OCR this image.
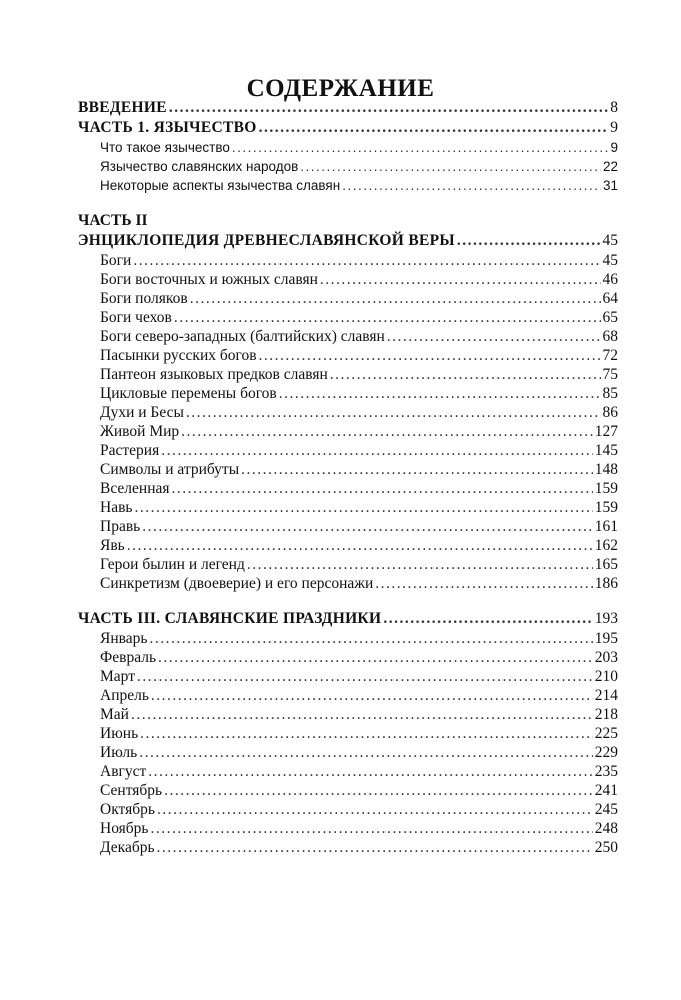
СОДЕРЖАНИЕ
ВВЕДЕНИЕ .....	8
ЧАСТЬ 1. ЯЗЫЧЕСТВО .....	9
Что такое язычество .....	9
Язычество славянских народов .....	22
Некоторые аспекты язычества славян .....	31
ЧАСТЬ II
ЭНЦИКЛОПЕДИЯ ДРЕВНЕСЛАВЯНСКОЙ ВЕРЫ .....	45
Боги .....	45
Боги восточных и южных славян .....	46
Боги поляков .....	64
Боги чехов .....	65
Боги северо-западных (балтийских) славян .....	68
Пасынки русских богов .....	72
Пантеон языковых предков славян .....	75
Цикловые перемены богов .....	85
Духи и Бесы .....	86
Живой Мир .....	127
Растерия .....	145
Символы и атрибуты .....	148
Вселенная .....	159
Навь .....	159
Правь .....	161
Явь .....	162
Герои былин и легенд .....	165
Синкретизм (двоеверие) и его персонажи .....	186
ЧАСТЬ III. СЛАВЯНСКИЕ ПРАЗДНИКИ .....	193
Январь .....	195
Февраль .....	203
Март .....	210
Апрель .....	214
Май .....	218
Июнь .....	225
Июль .....	229
Август .....	235
Сентябрь .....	241
Октябрь .....	245
Ноябрь .....	248
Декабрь .....	250
